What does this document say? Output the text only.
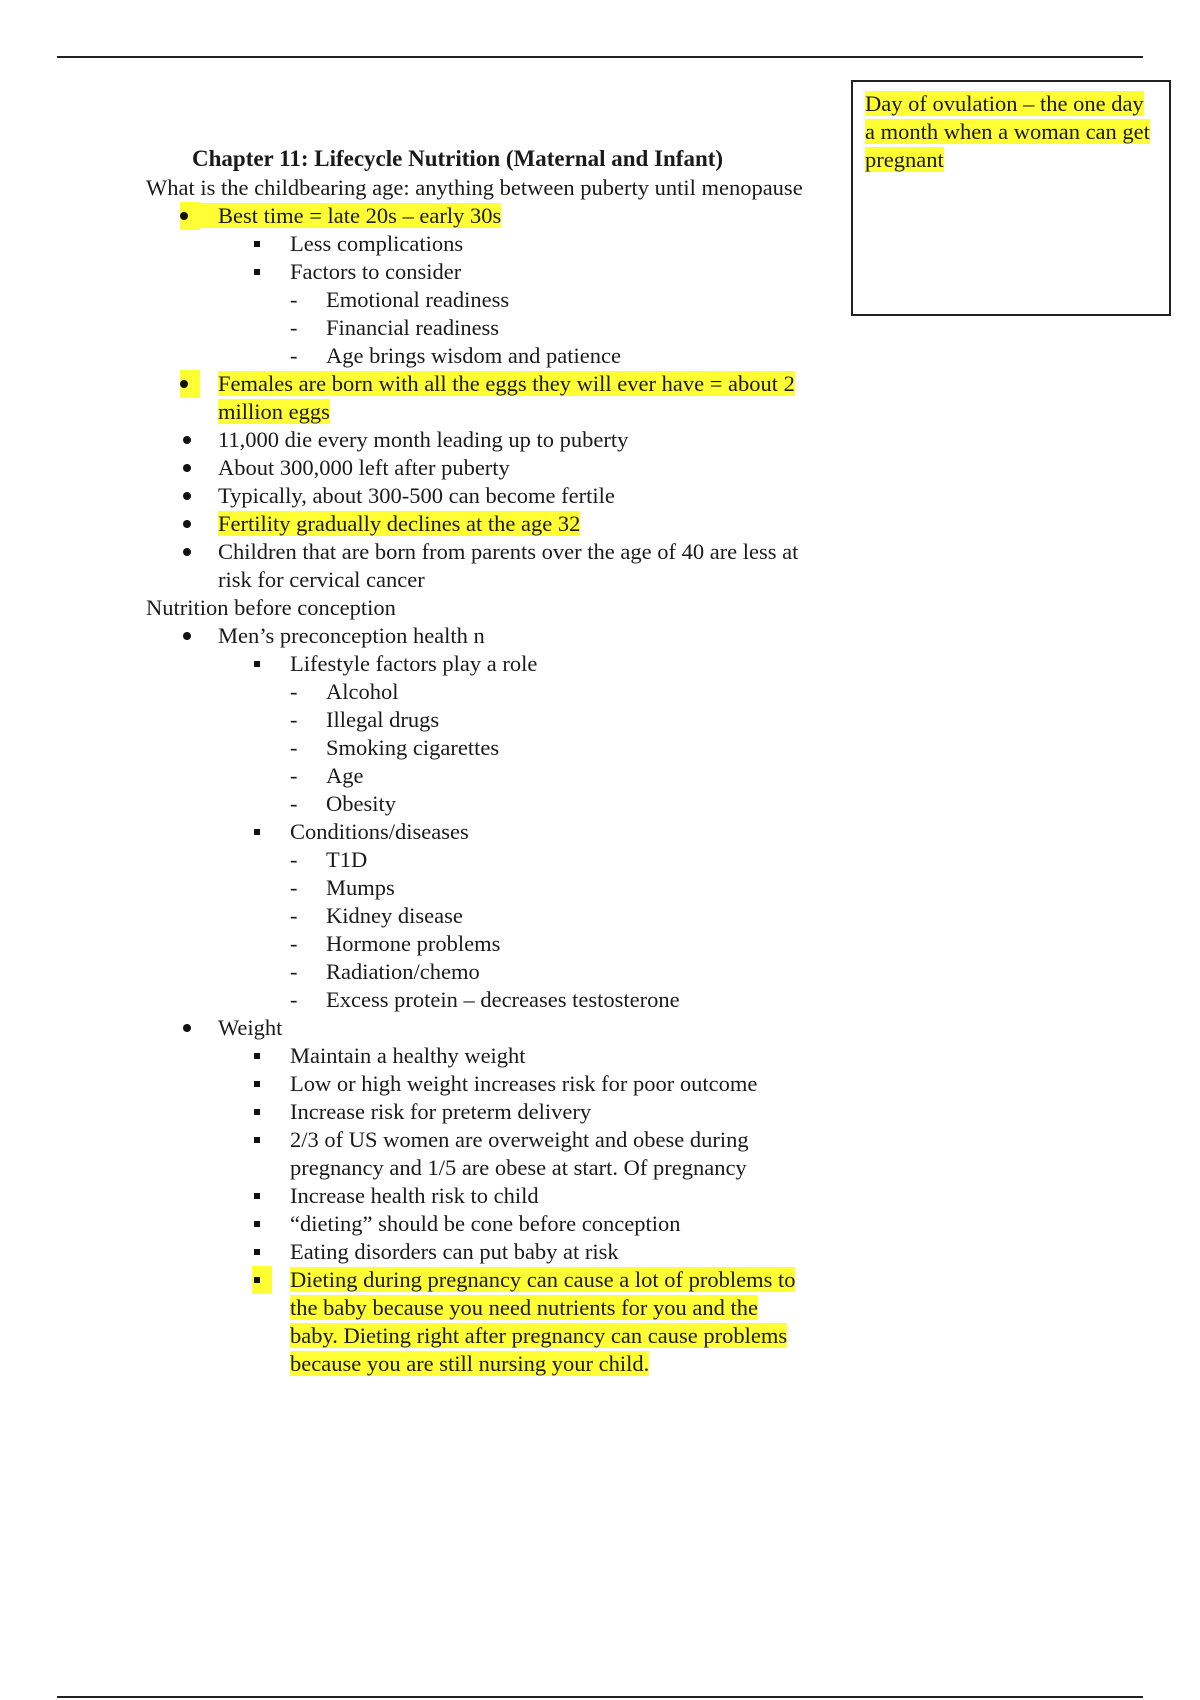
Day of ovulation – the one day a month when a woman can get pregnant

Chapter 11: Lifecycle Nutrition (Maternal and Infant)

What is the childbearing age: anything between puberty until menopause

Best time = late 20s – early 30s
Less complications
Factors to consider
- Emotional readiness
- Financial readiness
- Age brings wisdom and patience
Females are born with all the eggs they will ever have = about 2 million eggs
11,000 die every month leading up to puberty
About 300,000 left after puberty
Typically, about 300-500 can become fertile
Fertility gradually declines at the age 32
Children that are born from parents over the age of 40 are less at risk for cervical cancer

Nutrition before conception

Men’s preconception health n
Lifestyle factors play a role
- Alcohol
- Illegal drugs
- Smoking cigarettes
- Age
- Obesity
Conditions/diseases
- T1D
- Mumps
- Kidney disease
- Hormone problems
- Radiation/chemo
- Excess protein – decreases testosterone
Weight
Maintain a healthy weight
Low or high weight increases risk for poor outcome
Increase risk for preterm delivery
2/3 of US women are overweight and obese during pregnancy and 1/5 are obese at start. Of pregnancy
Increase health risk to child
“dieting” should be cone before conception
Eating disorders can put baby at risk
Dieting during pregnancy can cause a lot of problems to the baby because you need nutrients for you and the baby. Dieting right after pregnancy can cause problems because you are still nursing your child.
